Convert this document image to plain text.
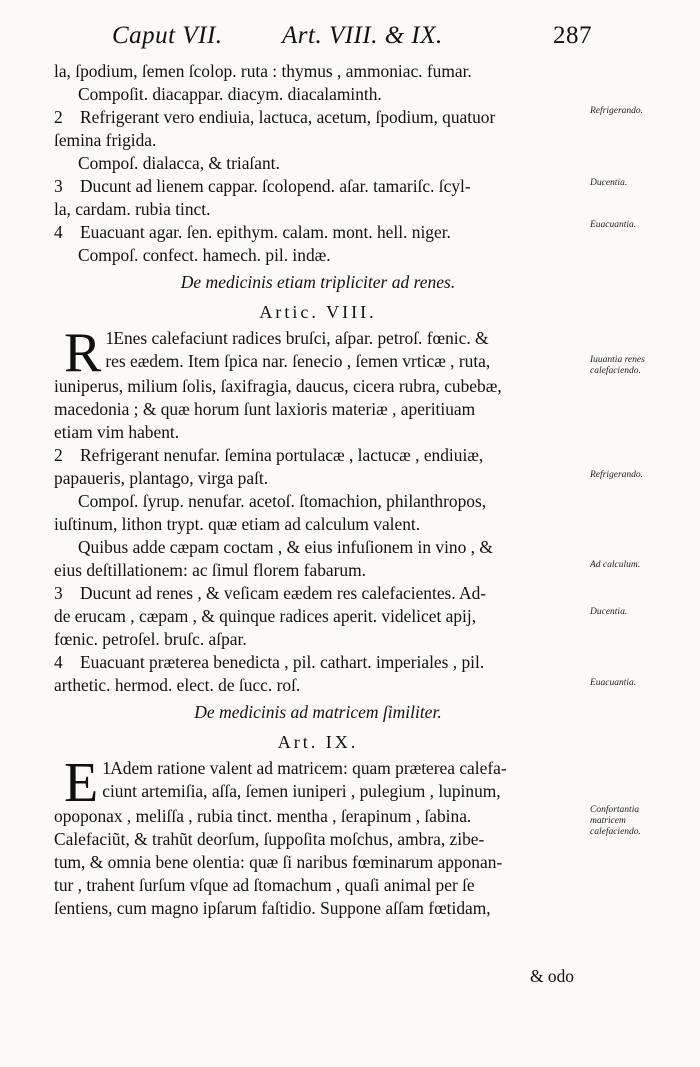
Caput VII. Art. VIII. & IX.	287
la, ſpodium, ſemen ſcolop. ruta : thymus , ammoniac. fumar.
Compoſit. diacappar. diacym. diacalaminth.
2 Refrigerant vero endiuia, lactuca, acetum, ſpodium, quatuor
ſemina frigida.
Compoſ. dialacca, & triaſant.
3 Ducunt ad lienem cappar. ſcolopend. aſar. tamariſc. ſcyl-
la, cardam. rubia tinct.
4 Euacuant agar. ſen. epithym. calam. mont. hell. niger.
Compoſ. confect. hamech. pil. indæ.
De medicinis etiam tripliciter ad renes.
Artic. VIII.
1
R Enes calefaciunt radices bruſci, aſpar. petroſ. fœnic. &
res eædem. Item ſpica nar. ſenecio , ſemen vrticæ , ruta,
iuniperus, milium ſolis, ſaxifragia, daucus, cicera rubra, cubebæ,
macedonia ; & quæ horum ſunt laxioris materiæ , aperitiuam
etiam vim habent.
2 Refrigerant nenufar. ſemina portulacæ , lactucæ , endiuiæ,
papaueris, plantago, virga paſt.
Compoſ. ſyrup. nenufar. acetoſ. ſtomachion, philanthropos,
iuſtinum, lithon trypt. quæ etiam ad calculum valent.
Quibus adde cæpam coctam , & eius infuſionem in vino , &
eius deſtillationem: ac ſimul florem fabarum.
3 Ducunt ad renes , & veſicam eædem res calefacientes. Ad-
de erucam , cæpam , & quinque radices aperit. videlicet apij,
fœnic. petroſel. bruſc. aſpar.
4 Euacuant præterea benedicta , pil. cathart. imperiales , pil.
arthetic. hermod. elect. de ſucc. roſ.
De medicinis ad matricem ſimiliter.
Art. IX.
1
E Adem ratione valent ad matricem: quam præterea calefa-
ciunt artemiſia, aſſa, ſemen iuniperi , pulegium , lupinum,
opoponax , meliſſa , rubia tinct. mentha , ſerapinum , ſabina.
Calefaciũt, & trahũt deorſum, ſuppoſita moſchus, ambra, zibe-
tum, & omnia bene olentia: quæ ſi naribus fœminarum apponan-
tur , trahent ſurſum vſque ad ſtomachum , quaſi animal per ſe
ſentiens, cum magno ipſarum faſtidio. Suppone aſſam fœtidam,
& odo
Refrigerando.
Ducentia.
Euacuantia.
Iuuantia renes calefaciendo.
Refrigerando.
Ad calculum.
Ducentia.
Euacuantia.
Confortantia matricem calefaciendo.
